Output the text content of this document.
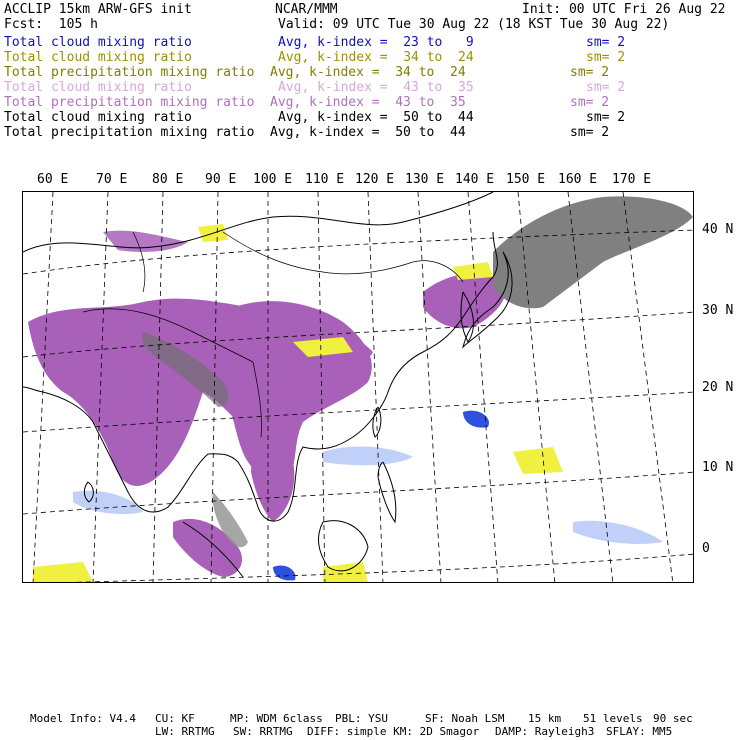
ACCLIP 15km ARW-GFS init	NCAR/MMM	Init: 00 UTC Fri 26 Aug 22
Fcst:  105 h	Valid: 09 UTC Tue 30 Aug 22 (18 KST Tue 30 Aug 22)
Total cloud mixing ratio	Avg, k-index =  23 to   9	sm= 2
Total cloud mixing ratio	Avg, k-index =  34 to  24	sm= 2
Total precipitation mixing ratio Avg, k-index =  34 to  24	sm= 2
Total cloud mixing ratio	Avg, k-index =  43 to  35	sm= 2
Total precipitation mixing ratio Avg, k-index =  43 to  35	sm= 2
Total cloud mixing ratio	Avg, k-index =  50 to  44	sm= 2
Total precipitation mixing ratio Avg, k-index =  50 to  44	sm= 2
60 E 70 E 80 E 90 E 100 E 110 E 120 E 130 E 140 E 150 E 160 E 170 E
40 N
30 N
20 N
10 N
0
Model Info: V4.4 CU: KF	MP: WDM 6class PBL: YSU	SF: Noah LSM 15 km 51 levels 90 sec
LW: RRTMG SW: RRTMG DIFF: simple KM: 2D Smagor DAMP: Rayleigh3 SFLAY: MM5
